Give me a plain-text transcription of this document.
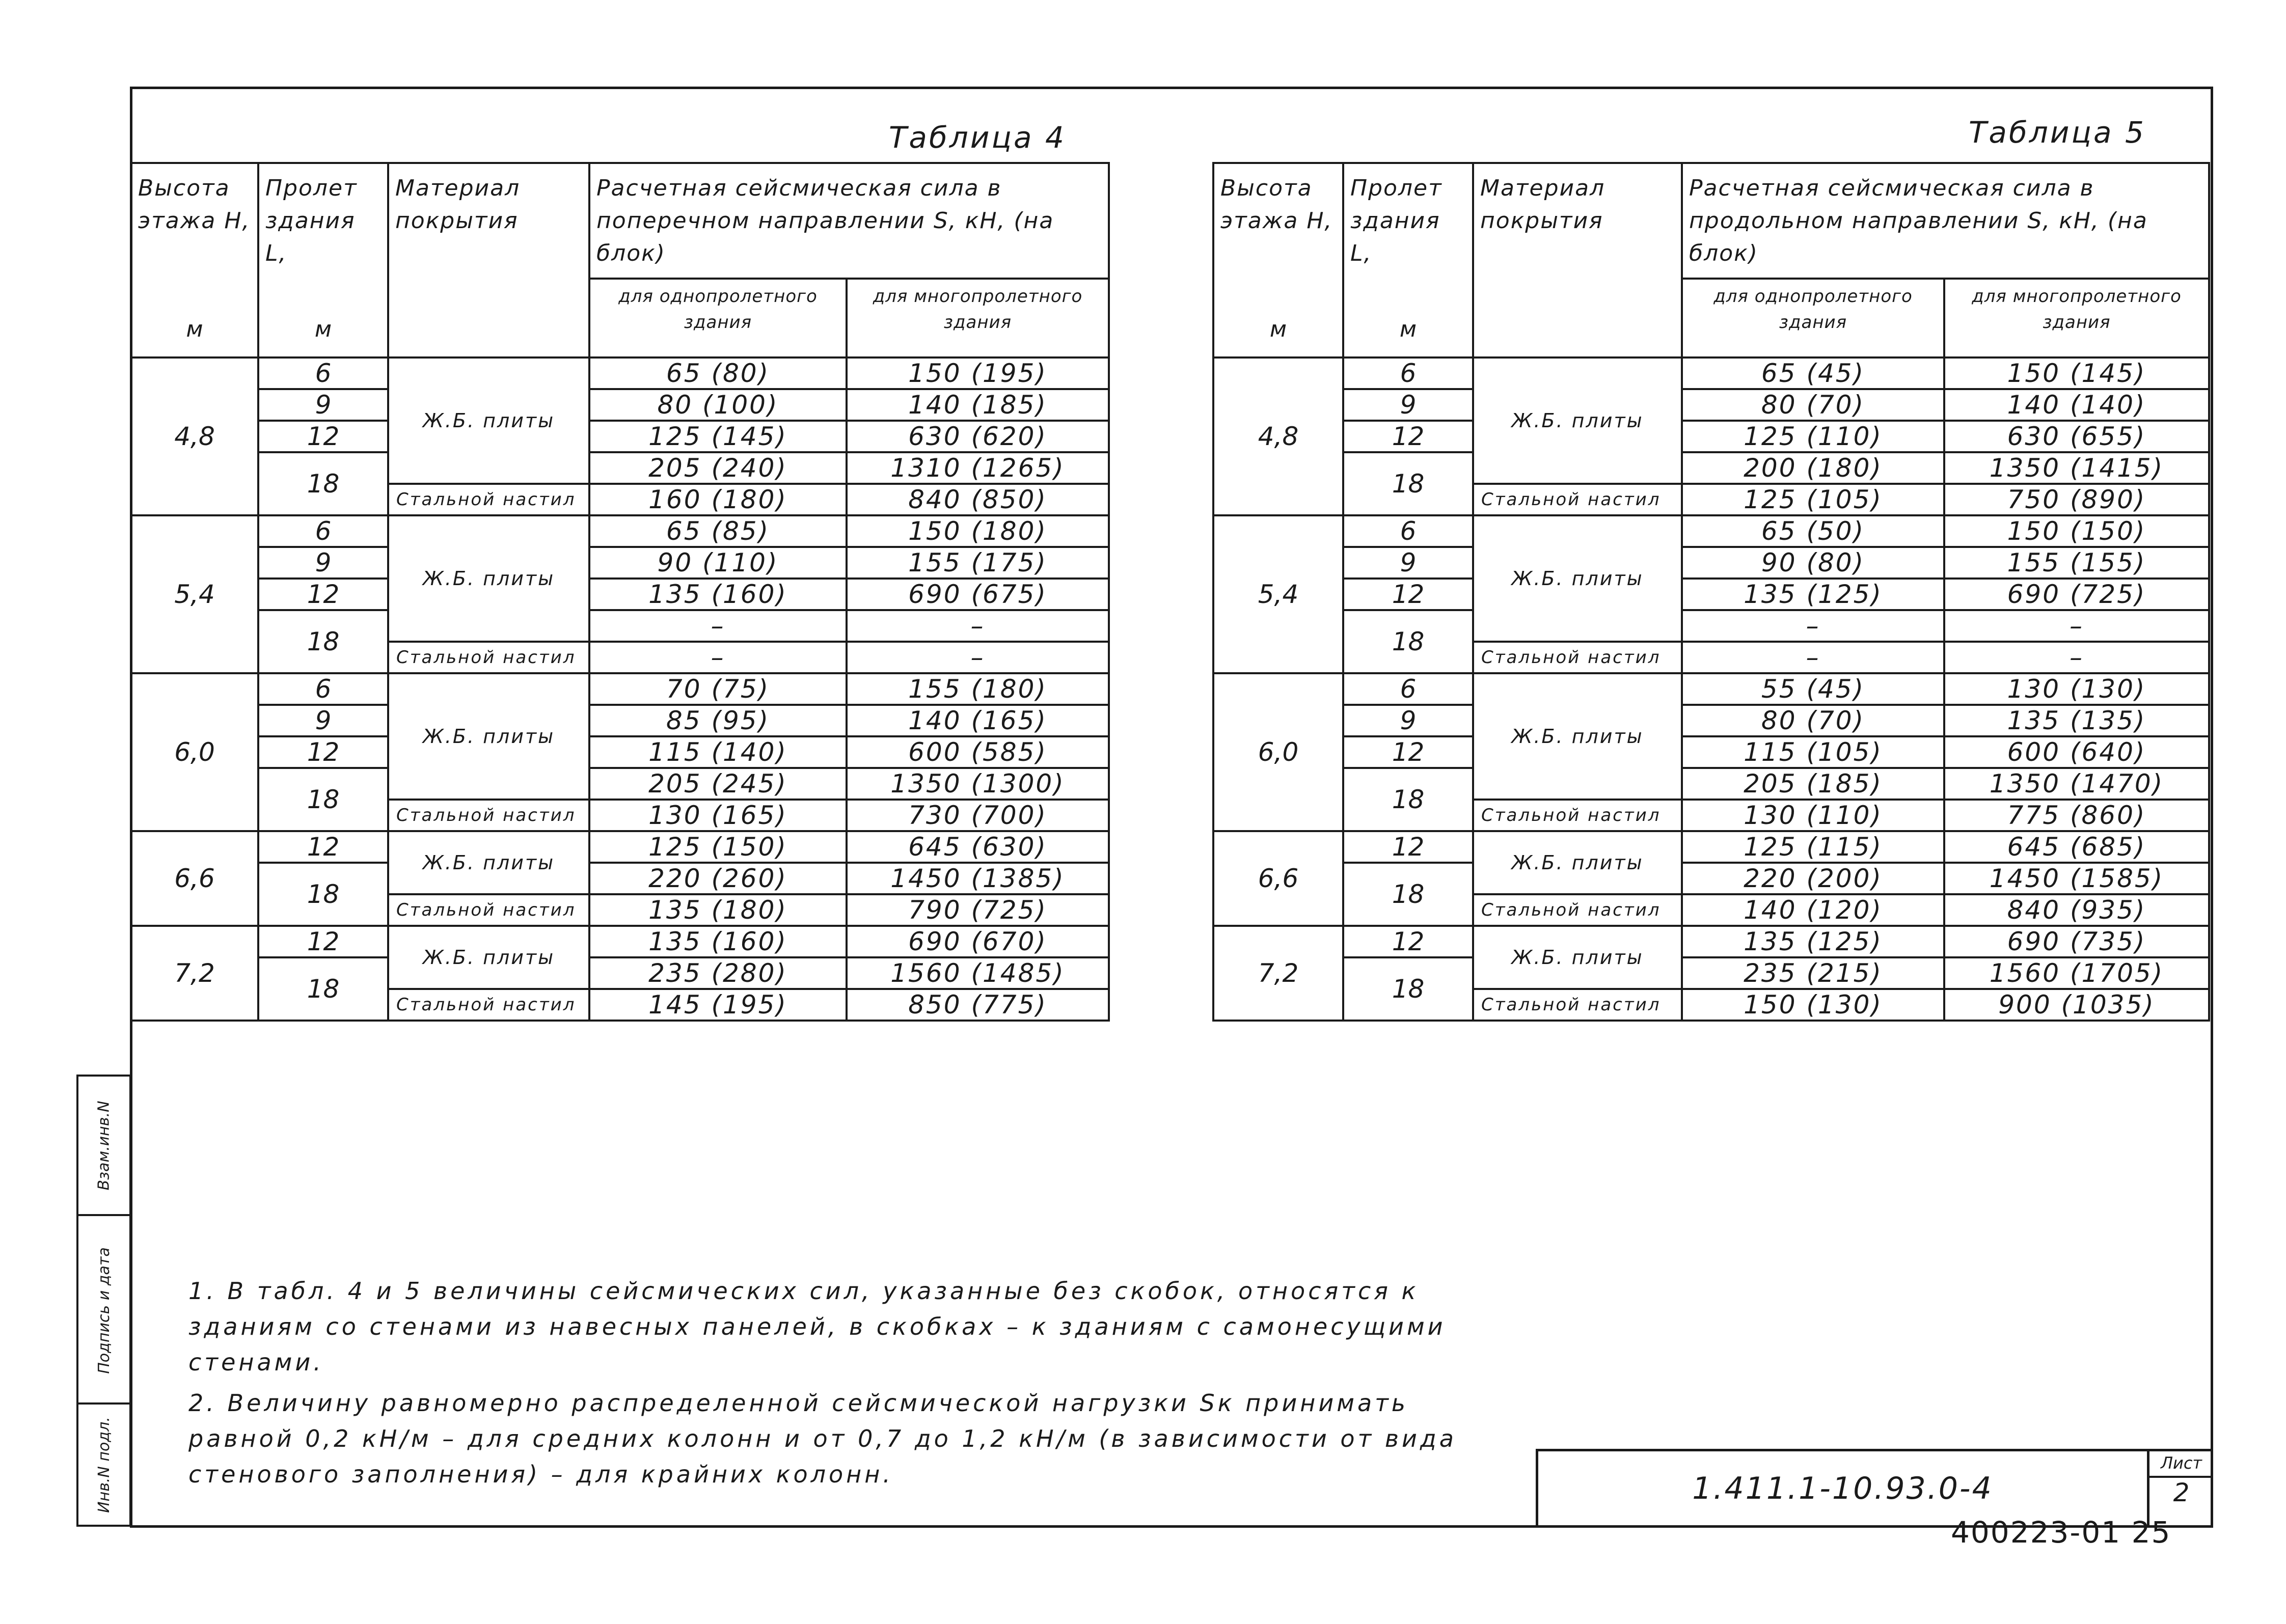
Таблица 4
Высота этажа Н,	Пролет здания L,	Материал покрытия	Расчетная сейсмическая сила в поперечном направлении S, кН, (на блок)	
			для однопролетного здания	для многопролетного здания
м	м			
4,8	6	Ж.Б. плиты	65 (80)	150 (195)
	9		80 (100)	140 (185)
	12		125 (145)	630 (620)
	18		205 (240)	1310 (1265)
		Стальной настил	160 (180)	840 (850)
5,4	6	Ж.Б. плиты	65 (85)	150 (180)
	9		90 (110)	155 (175)
	12		135 (160)	690 (675)
	18		–	–
		Стальной настил	–	–
6,0	6	Ж.Б. плиты	70 (75)	155 (180)
	9		85 (95)	140 (165)
	12		115 (140)	600 (585)
	18		205 (245)	1350 (1300)
		Стальной настил	130 (165)	730 (700)
6,6	12	Ж.Б. плиты	125 (150)	645 (630)
	18		220 (260)	1450 (1385)
		Стальной настил	135 (180)	790 (725)
7,2	12	Ж.Б. плиты	135 (160)	690 (670)
	18		235 (280)	1560 (1485)
		Стальной настил	145 (195)	850 (775)
Таблица 5
Высота этажа Н,	Пролет здания L,	Материал покрытия	Расчетная сейсмическая сила в продольном направлении S, кН, (на блок)	
			для однопролетного здания	для многопролетного здания
м	м			
4,8	6	Ж.Б. плиты	65 (45)	150 (145)
	9		80 (70)	140 (140)
	12		125 (110)	630 (655)
	18		200 (180)	1350 (1415)
		Стальной настил	125 (105)	750 (890)
5,4	6	Ж.Б. плиты	65 (50)	150 (150)
	9		90 (80)	155 (155)
	12		135 (125)	690 (725)
	18		–	–
		Стальной настил	–	–
6,0	6	Ж.Б. плиты	55 (45)	130 (130)
	9		80 (70)	135 (135)
	12		115 (105)	600 (640)
	18		205 (185)	1350 (1470)
		Стальной настил	130 (110)	775 (860)
6,6	12	Ж.Б. плиты	125 (115)	645 (685)
	18		220 (200)	1450 (1585)
		Стальной настил	140 (120)	840 (935)
7,2	12	Ж.Б. плиты	135 (125)	690 (735)
	18		235 (215)	1560 (1705)
		Стальной настил	150 (130)	900 (1035)

1. В табл. 4 и 5 величины сейсмических сил, указанные без скобок, относятся к зданиям со стенами из навесных панелей, в скобках – к зданиям с самонесущими стенами.

2. Величину равномерно распределенной сейсмической нагрузки Sк принимать равной 0,2 кН/м – для средних колонн и от 0,7 до 1,2 кН/м (в зависимости от вида стенового заполнения) – для крайних колонн.

Взам.инв.N
Подпись и дата
Инв.N подл.	1.411.1-10.93.0-4
Лист
2
400223-01 25
